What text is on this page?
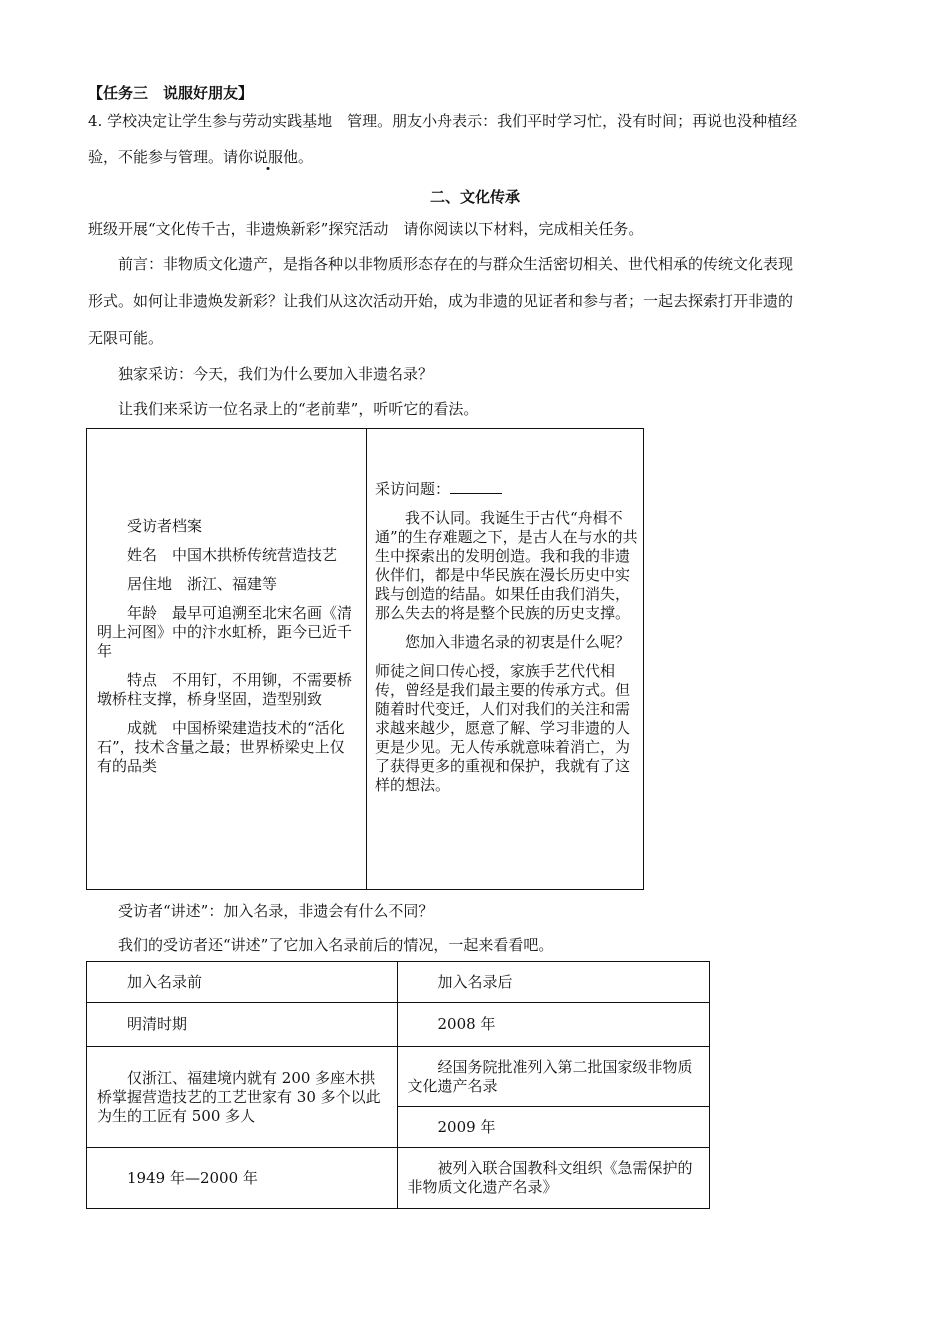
【任务三　说服好朋友】

4. 学校决定让学生参与劳动实践基地　管理。朋友小舟表示：我们平时学习忙，没有时间；再说也没种植经

验，不能参与管理。请你说服他。

二、文化传承

班级开展“文化传千古，非遗焕新彩”探究活动　请你阅读以下材料，完成相关任务。

前言：非物质文化遗产，是指各种以非物质形态存在的与群众生活密切相关、世代相承的传统文化表现

形式。如何让非遗焕发新彩？让我们从这次活动开始，成为非遗的见证者和参与者；一起去探索打开非遗的

无限可能。

独家采访：今天，我们为什么要加入非遗名录？

让我们来采访一位名录上的“老前辈”，听听它的看法。

受访者档案

姓名　中国木拱桥传统营造技艺

居住地　浙江、福建等

年龄　最早可追溯至北宋名画《清明上河图》中的汴水虹桥，距今已近千年

特点　不用钉，不用铆，不需要桥墩桥柱支撑，桥身坚固，造型别致

成就　中国桥梁建造技术的“活化石”，技术含量之最；世界桥梁史上仅有的品类

采访问题：

我不认同。我诞生于古代“舟楫不通”的生存难题之下，是古人在与水的共生中探索出的发明创造。我和我的非遗伙伴们，都是中华民族在漫长历史中实践与创造的结晶。如果任由我们消失，那么失去的将是整个民族的历史支撑。

您加入非遗名录的初衷是什么呢？

师徒之间口传心授，家族手艺代代相传，曾经是我们最主要的传承方式。但随着时代变迁，人们对我们的关注和需求越来越少，愿意了解、学习非遗的人更是少见。无人传承就意味着消亡，为了获得更多的重视和保护，我就有了这样的想法。

受访者“讲述”：加入名录，非遗会有什么不同？

我们的受访者还“讲述”了它加入名录前后的情况，一起来看看吧。

加入名录前	加入名录后
明清时期	2008 年
仅浙江、福建境内就有 200 多座木拱桥掌握营造技艺的工艺世家有 30 多个以此为生的工匠有 500 多人	经国务院批准列入第二批国家级非物质文化遗产名录
	2009 年
1949 年—2000 年	被列入联合国教科文组织《急需保护的非物质文化遗产名录》
